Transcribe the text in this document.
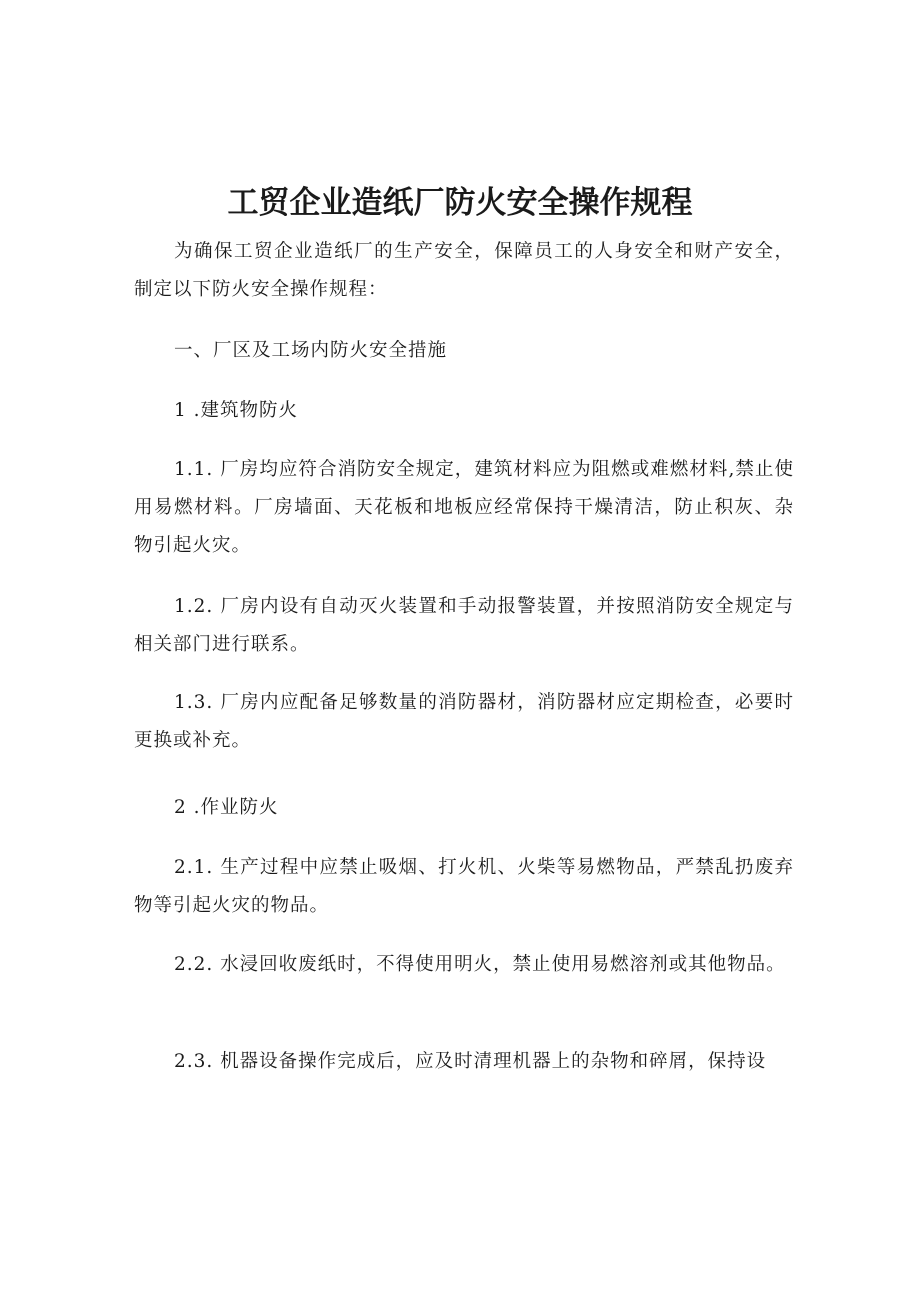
工贸企业造纸厂防火安全操作规程
为确保工贸企业造纸厂的生产安全，保障员工的人身安全和财产安全，制定以下防火安全操作规程：
一、厂区及工场内防火安全措施
1 .建筑物防火
1.1. 厂房均应符合消防安全规定，建筑材料应为阻燃或难燃材料,禁止使用易燃材料。厂房墙面、天花板和地板应经常保持干燥清洁，防止积灰、杂物引起火灾。
1.2. 厂房内设有自动灭火装置和手动报警装置，并按照消防安全规定与相关部门进行联系。
1.3. 厂房内应配备足够数量的消防器材，消防器材应定期检查，必要时更换或补充。
2 .作业防火
2.1. 生产过程中应禁止吸烟、打火机、火柴等易燃物品，严禁乱扔废弃物等引起火灾的物品。
2.2. 水浸回收废纸时，不得使用明火，禁止使用易燃溶剂或其他物品。
2.3. 机器设备操作完成后，应及时清理机器上的杂物和碎屑，保持设
